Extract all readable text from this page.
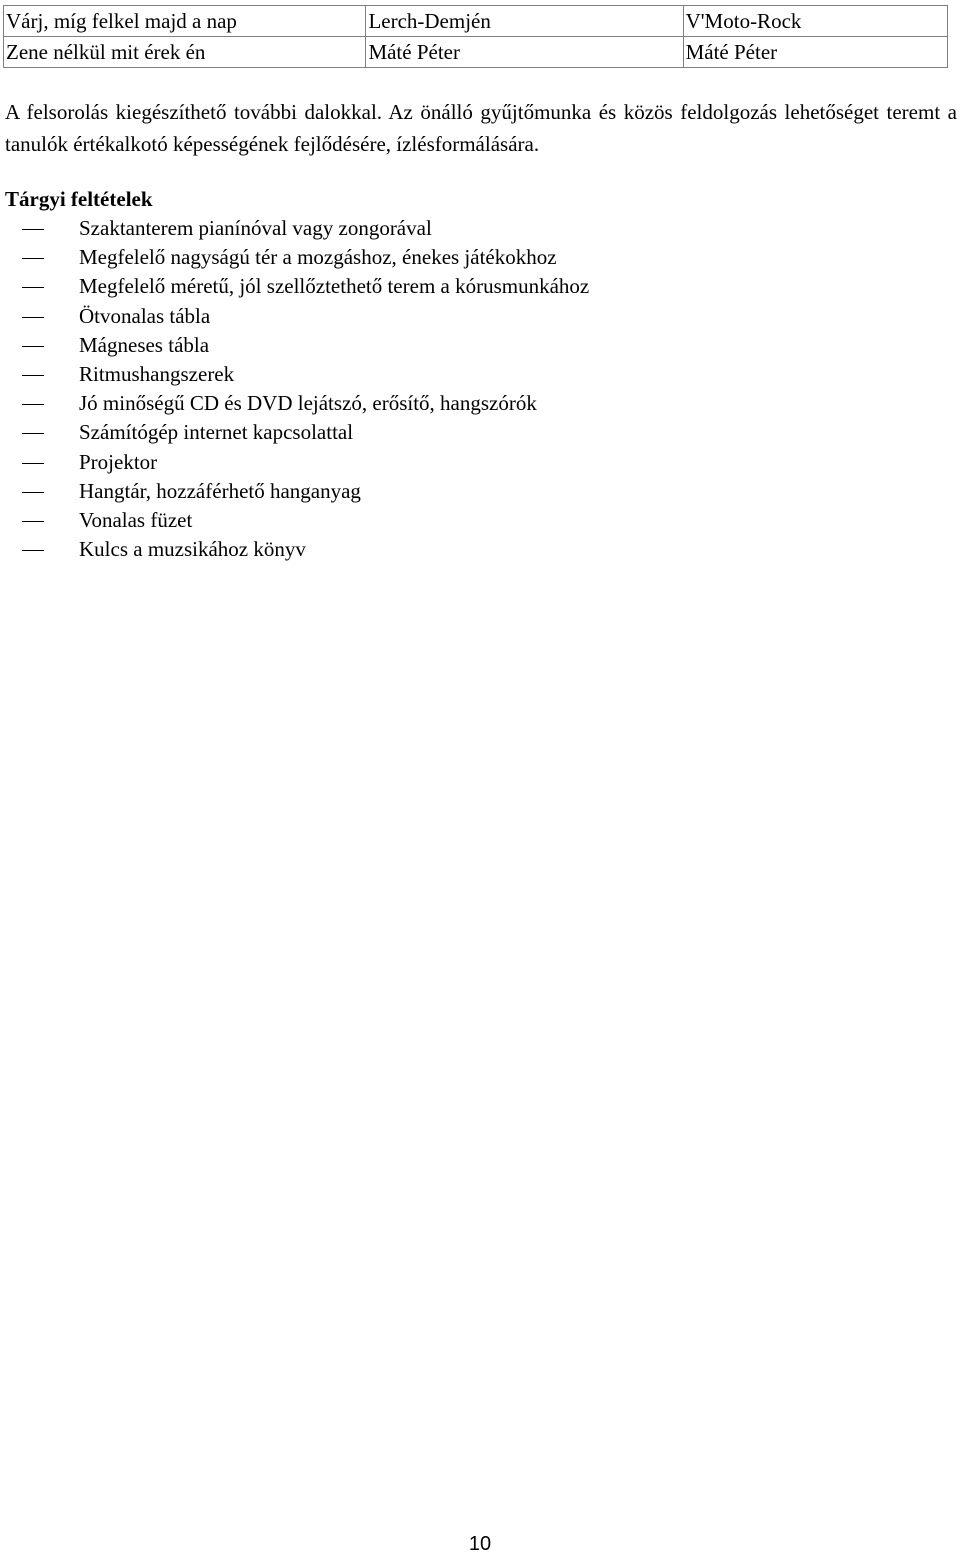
Várj, míg felkel majd a nap	Lerch-Demjén	V'Moto-Rock
Zene nélkül mit érek én	Máté Péter	Máté Péter

A felsorolás kiegészíthető további dalokkal. Az önálló gyűjtőmunka és közös feldolgozás lehetőséget teremt a tanulók értékalkotó képességének fejlődésére, ízlésformálására.

Tárgyi feltételek
Szaktanterem pianínóval vagy zongorával
Megfelelő nagyságú tér a mozgáshoz, énekes játékokhoz
Megfelelő méretű, jól szellőztethető terem a kórusmunkához
Ötvonalas tábla
Mágneses tábla
Ritmushangszerek
Jó minőségű CD és DVD lejátszó, erősítő, hangszórók
Számítógép internet kapcsolattal
Projektor
Hangtár, hozzáférhető hanganyag
Vonalas füzet
Kulcs a muzsikához könyv
10
